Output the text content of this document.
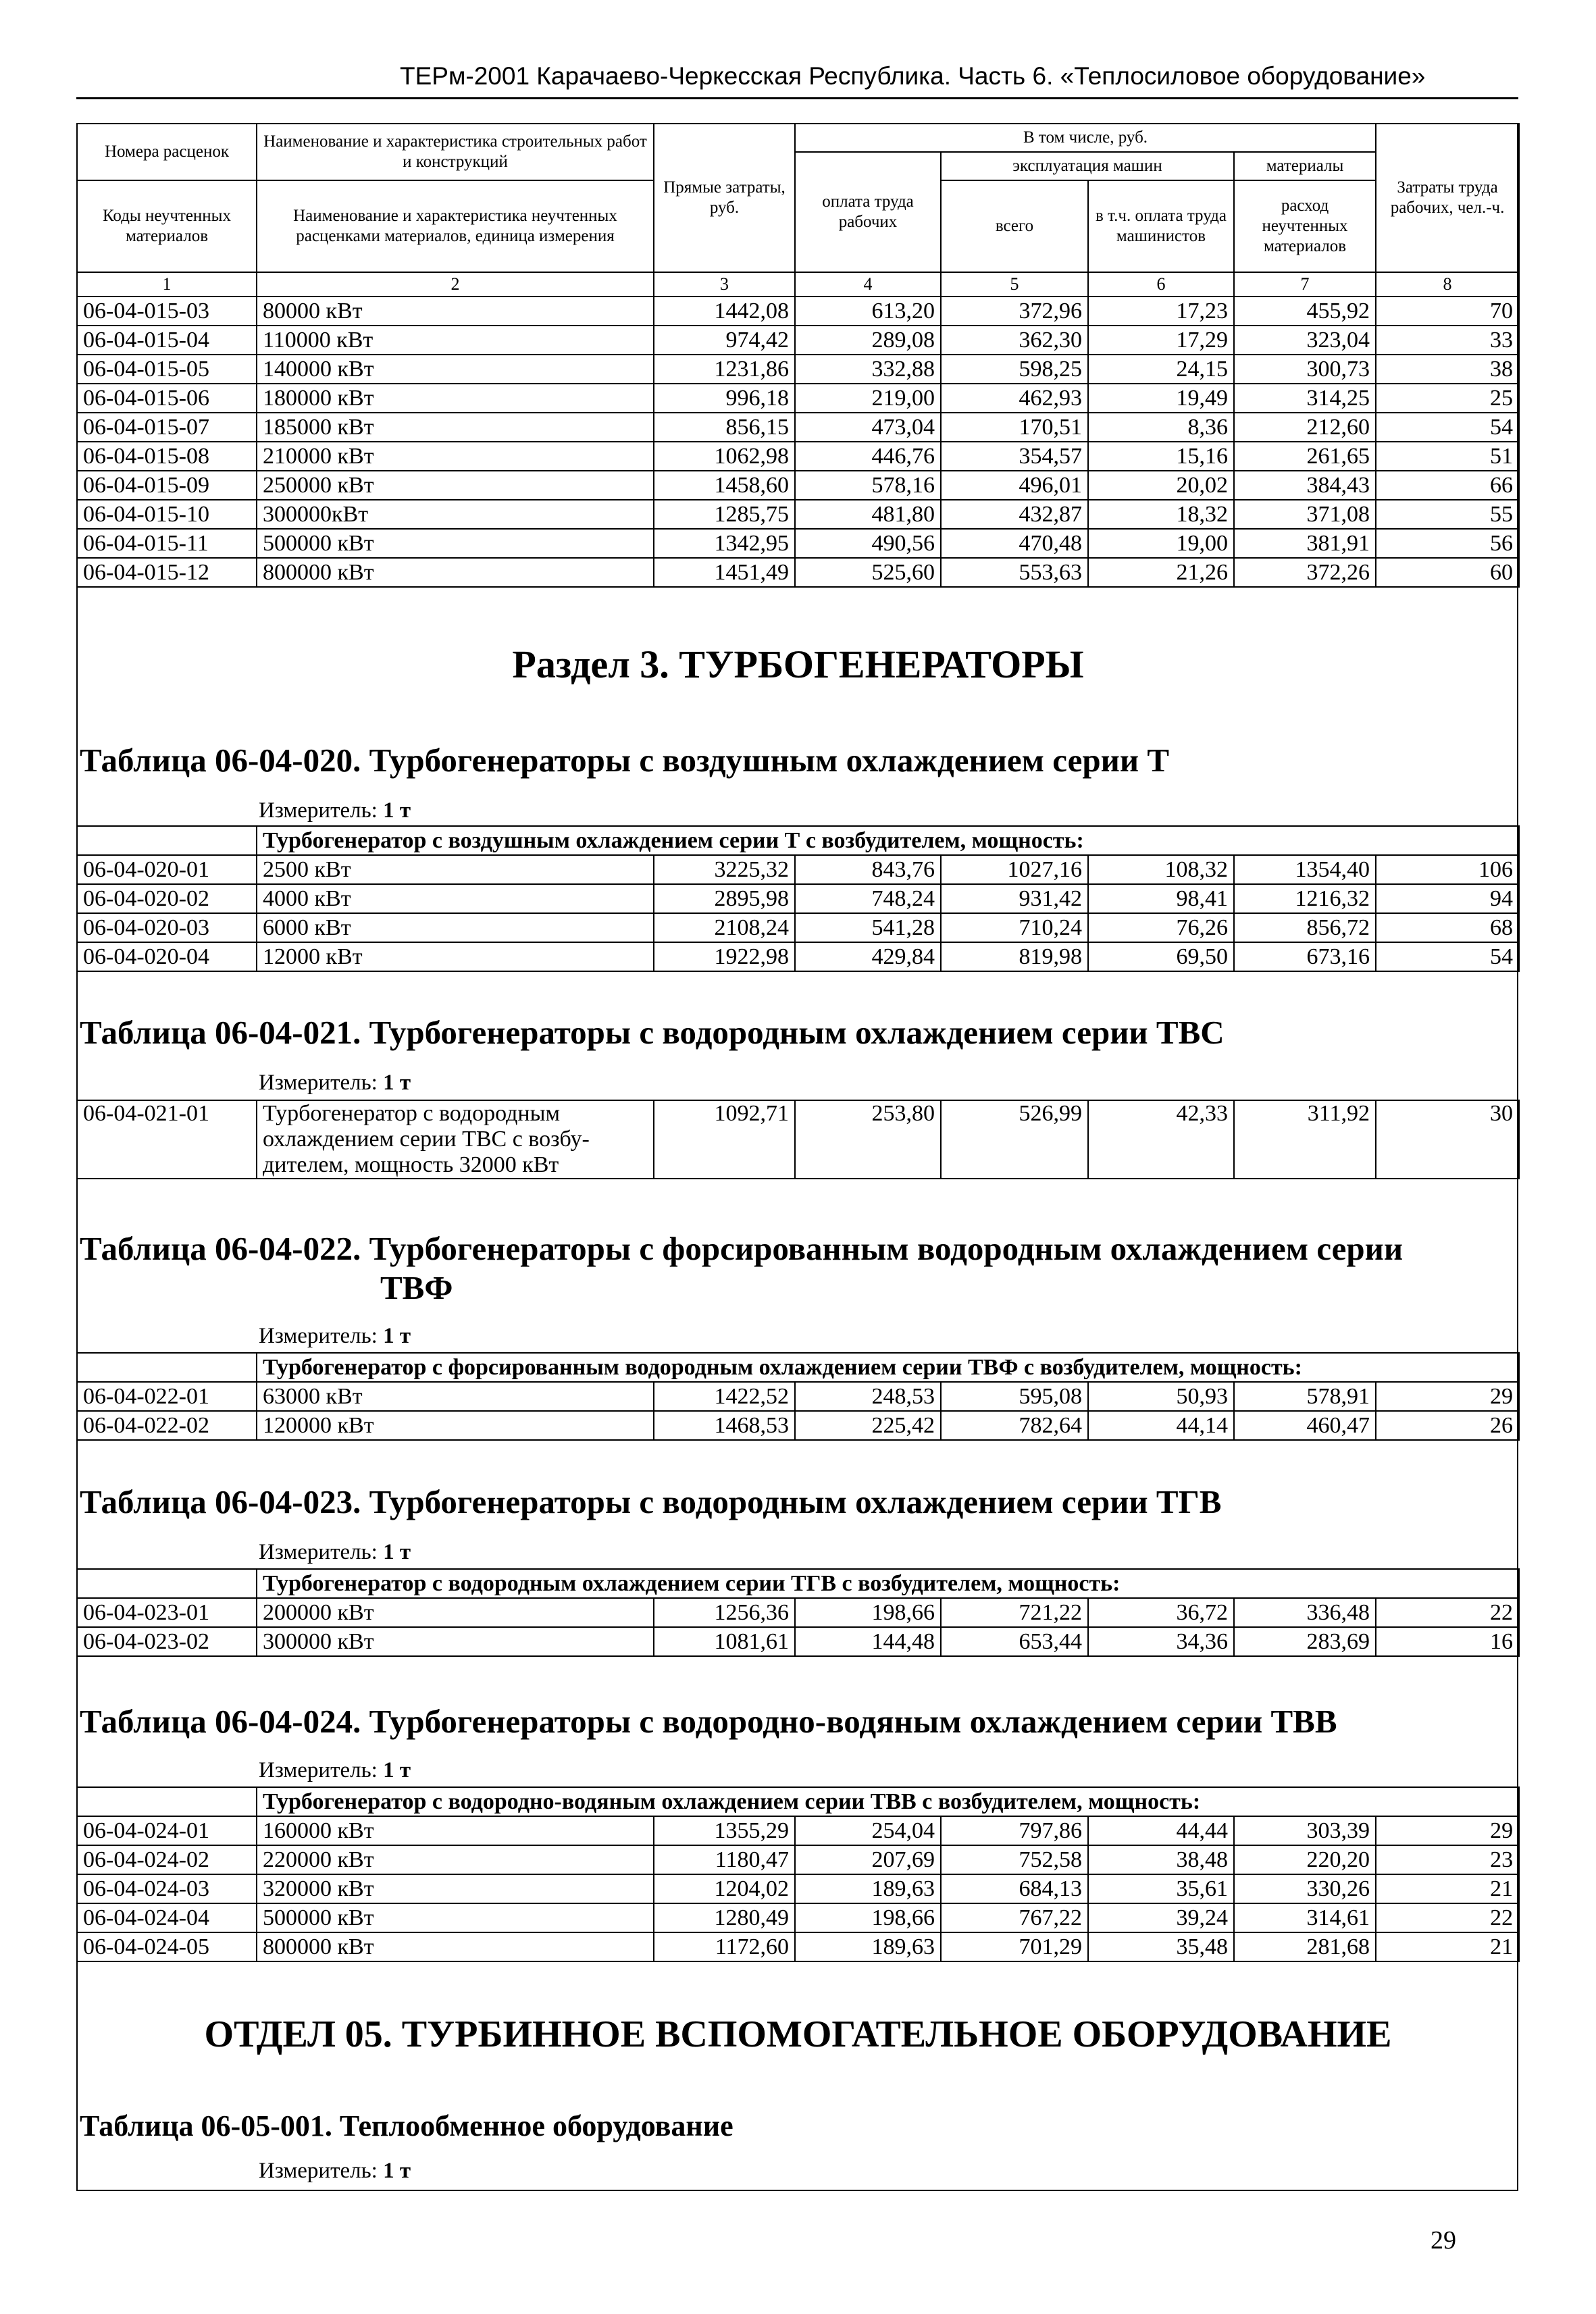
ТЕРм-2001 Карачаево-Черкесская Республика. Часть 6. «Теплосиловое оборудование»
Номера расценок	Наименование и характеристика строительных работ и конструкций	Прямые затраты, руб.	В том числе, руб.				Затраты труда рабочих, чел.-ч.
			оплата труда рабочих	эксплуатация машин		материалы	
				всего	в т.ч. оплата труда машинистов	расход неучтенных материалов	
Коды неучтенных материалов	Наименование и характеристика неучтенных расценками материалов, единица измерения						

1	2	3	4	5	6	7	8
06-04-015-03	80000 кВт	1442,08	613,20	372,96	17,23	455,92	70
06-04-015-04	110000 кВт	974,42	289,08	362,30	17,29	323,04	33
06-04-015-05	140000 кВт	1231,86	332,88	598,25	24,15	300,73	38
06-04-015-06	180000 кВт	996,18	219,00	462,93	19,49	314,25	25
06-04-015-07	185000 кВт	856,15	473,04	170,51	8,36	212,60	54
06-04-015-08	210000 кВт	1062,98	446,76	354,57	15,16	261,65	51
06-04-015-09	250000 кВт	1458,60	578,16	496,01	20,02	384,43	66
06-04-015-10	300000кВт	1285,75	481,80	432,87	18,32	371,08	55
06-04-015-11	500000 кВт	1342,95	490,56	470,48	19,00	381,91	56
06-04-015-12	800000 кВт	1451,49	525,60	553,63	21,26	372,26	60
Раздел 3. ТУРБОГЕНЕРАТОРЫ
Таблица 06-04-020. Турбогенераторы с воздушным охлаждением серии Т
Измеритель: 1 т
	Турбогенератор с воздушным охлаждением серии Т с возбудителем, мощность:						
06-04-020-01	2500 кВт	3225,32	843,76	1027,16	108,32	1354,40	106
06-04-020-02	4000 кВт	2895,98	748,24	931,42	98,41	1216,32	94
06-04-020-03	6000 кВт	2108,24	541,28	710,24	76,26	856,72	68
06-04-020-04	12000 кВт	1922,98	429,84	819,98	69,50	673,16	54
Таблица 06-04-021. Турбогенераторы с водородным охлаждением серии ТВС
Измеритель: 1 т
06-04-021-01	Турбогенератор с водородным охлаждением серии ТВС с возбу-дителем, мощность 32000 кВт	1092,71	253,80	526,99	42,33	311,92	30
Таблица 06-04-022. Турбогенераторы с форсированным водородным охлаждением серии
ТВФ
Измеритель: 1 т
	Турбогенератор с форсированным водородным охлаждением серии ТВФ с возбудителем, мощность:						
06-04-022-01	63000 кВт	1422,52	248,53	595,08	50,93	578,91	29
06-04-022-02	120000 кВт	1468,53	225,42	782,64	44,14	460,47	26
Таблица 06-04-023. Турбогенераторы с водородным охлаждением серии ТГВ
Измеритель: 1 т
	Турбогенератор с водородным охлаждением серии ТГВ с возбудителем, мощность:						
06-04-023-01	200000 кВт	1256,36	198,66	721,22	36,72	336,48	22
06-04-023-02	300000 кВт	1081,61	144,48	653,44	34,36	283,69	16
Таблица 06-04-024. Турбогенераторы с водородно-водяным охлаждением серии ТВВ
Измеритель: 1 т
	Турбогенератор с водородно-водяным охлаждением серии ТВВ с возбудителем, мощность:						
06-04-024-01	160000 кВт	1355,29	254,04	797,86	44,44	303,39	29
06-04-024-02	220000 кВт	1180,47	207,69	752,58	38,48	220,20	23
06-04-024-03	320000 кВт	1204,02	189,63	684,13	35,61	330,26	21
06-04-024-04	500000 кВт	1280,49	198,66	767,22	39,24	314,61	22
06-04-024-05	800000 кВт	1172,60	189,63	701,29	35,48	281,68	21
ОТДЕЛ 05. ТУРБИННОЕ ВСПОМОГАТЕЛЬНОЕ ОБОРУДОВАНИЕ
Таблица 06-05-001. Теплообменное оборудование
Измеритель: 1 т
29
